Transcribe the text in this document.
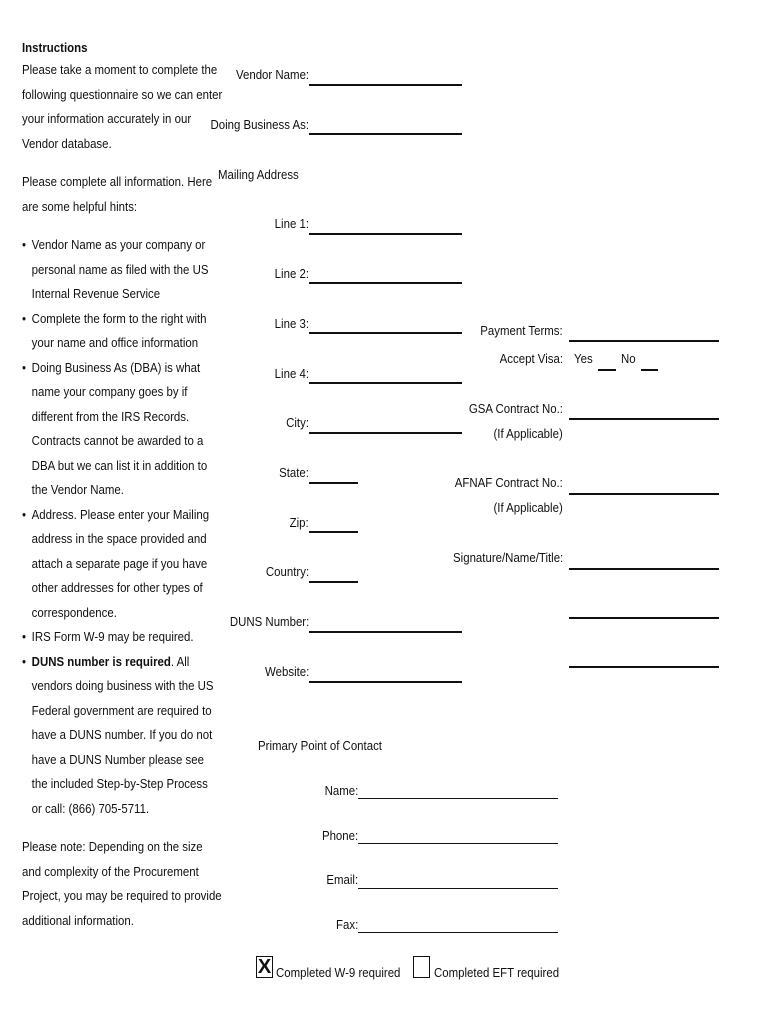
Instructions
Please take a moment to complete the
following questionnaire so we can enter
your information accurately in our
Vendor database.
Please complete all information. Here
are some helpful hints:
• Vendor Name as your company or
personal name as filed with the US
Internal Revenue Service
• Complete the form to the right with
your name and office information
• Doing Business As (DBA) is what
name your company goes by if
different from the IRS Records.
Contracts cannot be awarded to a
DBA but we can list it in addition to
the Vendor Name.
• Address. Please enter your Mailing
address in the space provided and
attach a separate page if you have
other addresses for other types of
correspondence.
• IRS Form W-9 may be required.
• DUNS number is required . All
vendors doing business with the US
Federal government are required to
have a DUNS number. If you do not
have a DUNS Number please see
the included Step-by-Step Process
or call: (866) 705-5711.
Please note: Depending on the size
and complexity of the Procurement
Project, you may be required to provide
additional information.
Vendor Name:
Doing Business As:
Mailing Address
Line 1:
Line 2:
Line 3:
Line 4:
City:
State:
Zip:
Country:
DUNS Number:
Website:
Payment Terms:
Accept Visa: Yes No
GSA Contract No.:
(If Applicable)
AFNAF Contract No.:
(If Applicable)
Signature/Name/Title:
Primary Point of Contact
Name:
Phone:
Email:
Fax:
X Completed W-9 required	Completed EFT required
